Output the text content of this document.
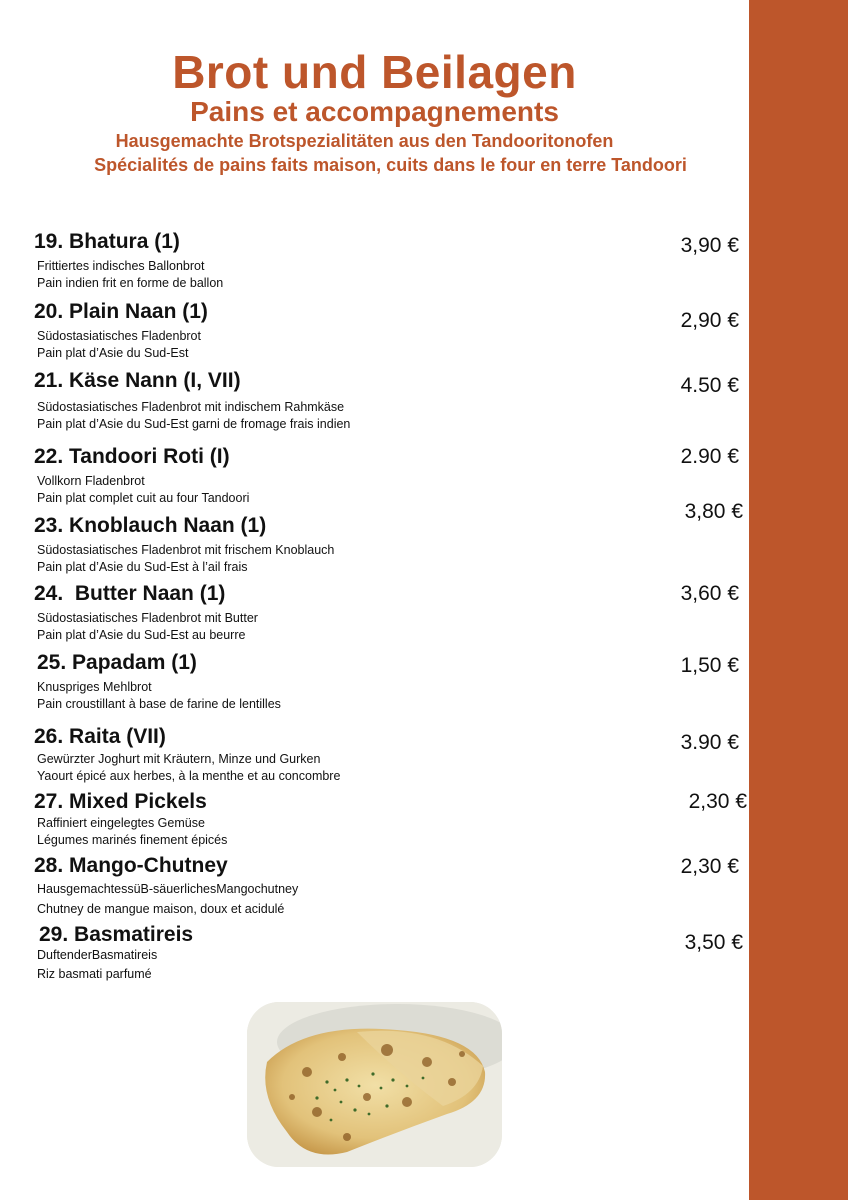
Brot und Beilagen
Pains et accompagnements
Hausgemachte Brotspezialitäten aus den Tandooritonofen
Spécialités de pains faits maison, cuits dans le four en terre Tandoori
19. Bhatura (1)
Frittiertes indisches Ballonbrot
Pain indien frit en forme de ballon
3,90 €
20. Plain Naan (1)
Südostasiatisches Fladenbrot
Pain plat d’Asie du Sud-Est
2,90 €
21. Käse Nann (I, VII)
Südostasiatisches Fladenbrot mit indischem Rahmkäse
Pain plat d’Asie du Sud-Est garni de fromage frais indien
4.50 €
22. Tandoori Roti (I)
Vollkorn Fladenbrot
Pain plat complet cuit au four Tandoori
2.90 €
23. Knoblauch Naan (1)
Südostasiatisches Fladenbrot mit frischem Knoblauch
Pain plat d’Asie du Sud-Est à l’ail frais
3,80 €
24.  Butter Naan (1)
Südostasiatisches Fladenbrot mit Butter
Pain plat d’Asie du Sud-Est au beurre
3,60 €
25. Papadam (1)
Knuspriges Mehlbrot
Pain croustillant à base de farine de lentilles
1,50 €
26. Raita (VII)
Gewürzter Joghurt mit Kräutern, Minze und Gurken
Yaourt épicé aux herbes, à la menthe et au concombre
3.90 €
27. Mixed Pickels
Raffiniert eingelegtes Gemüse
Légumes marinés finement épicés
2,30 €
28. Mango-Chutney
HausgemachtessüB-säuerlichesMangochutney
Chutney de mangue maison, doux et acidulé
2,30 €
29. Basmatireis
DuftenderBasmatireis
Riz basmati parfumé
3,50 €
